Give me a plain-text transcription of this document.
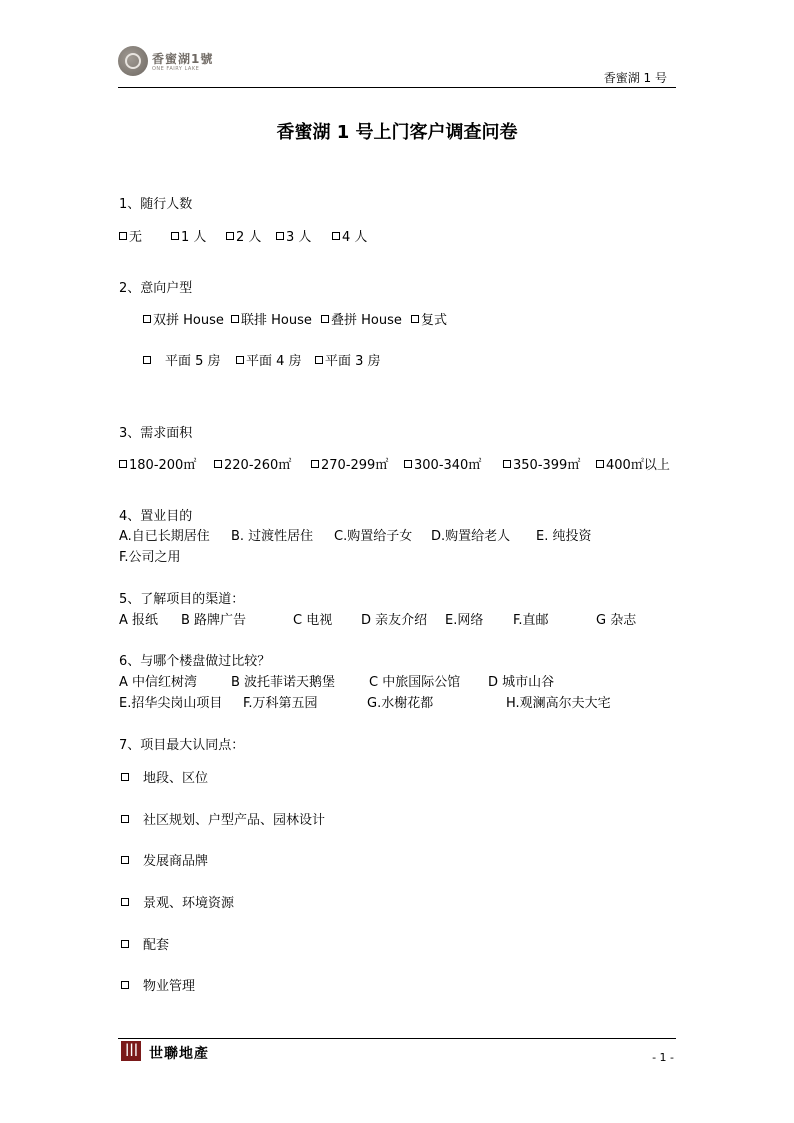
香蜜湖1號
ONE FAIRY LAKE
香蜜湖 1 号
香蜜湖 1 号上门客户调查问卷
1、随行人数
无	1 人	2 人	3 人	4 人
2、意向户型
双拼 House	联排 House	叠拼 House	复式
平面 5 房	平面 4 房	平面 3 房
3、需求面积
180-200㎡	220-260㎡	270-299㎡	300-340㎡	350-399㎡	400㎡以上
4、置业目的
A.自已长期居住 B. 过渡性居住 C.购置给子女 D.购置给老人 E. 纯投资
F.公司之用
5、了解项目的渠道：
A 报纸 B 路牌广告	C 电视 D 亲友介绍 E.网络 F.直邮	G 杂志
6、与哪个楼盘做过比较？
A 中信红树湾	B 波托菲诺天鹅堡	C 中旅国际公馆 D 城市山谷
E.招华尖岗山项目 F.万科第五园	G.水榭花都	H.观澜高尔夫大宅
7、项目最大认同点：
地段、区位
社区规划、户型产品、园林设计
发展商品牌
景观、环境资源
配套
物业管理
|||
世聯地產	- 1 -
